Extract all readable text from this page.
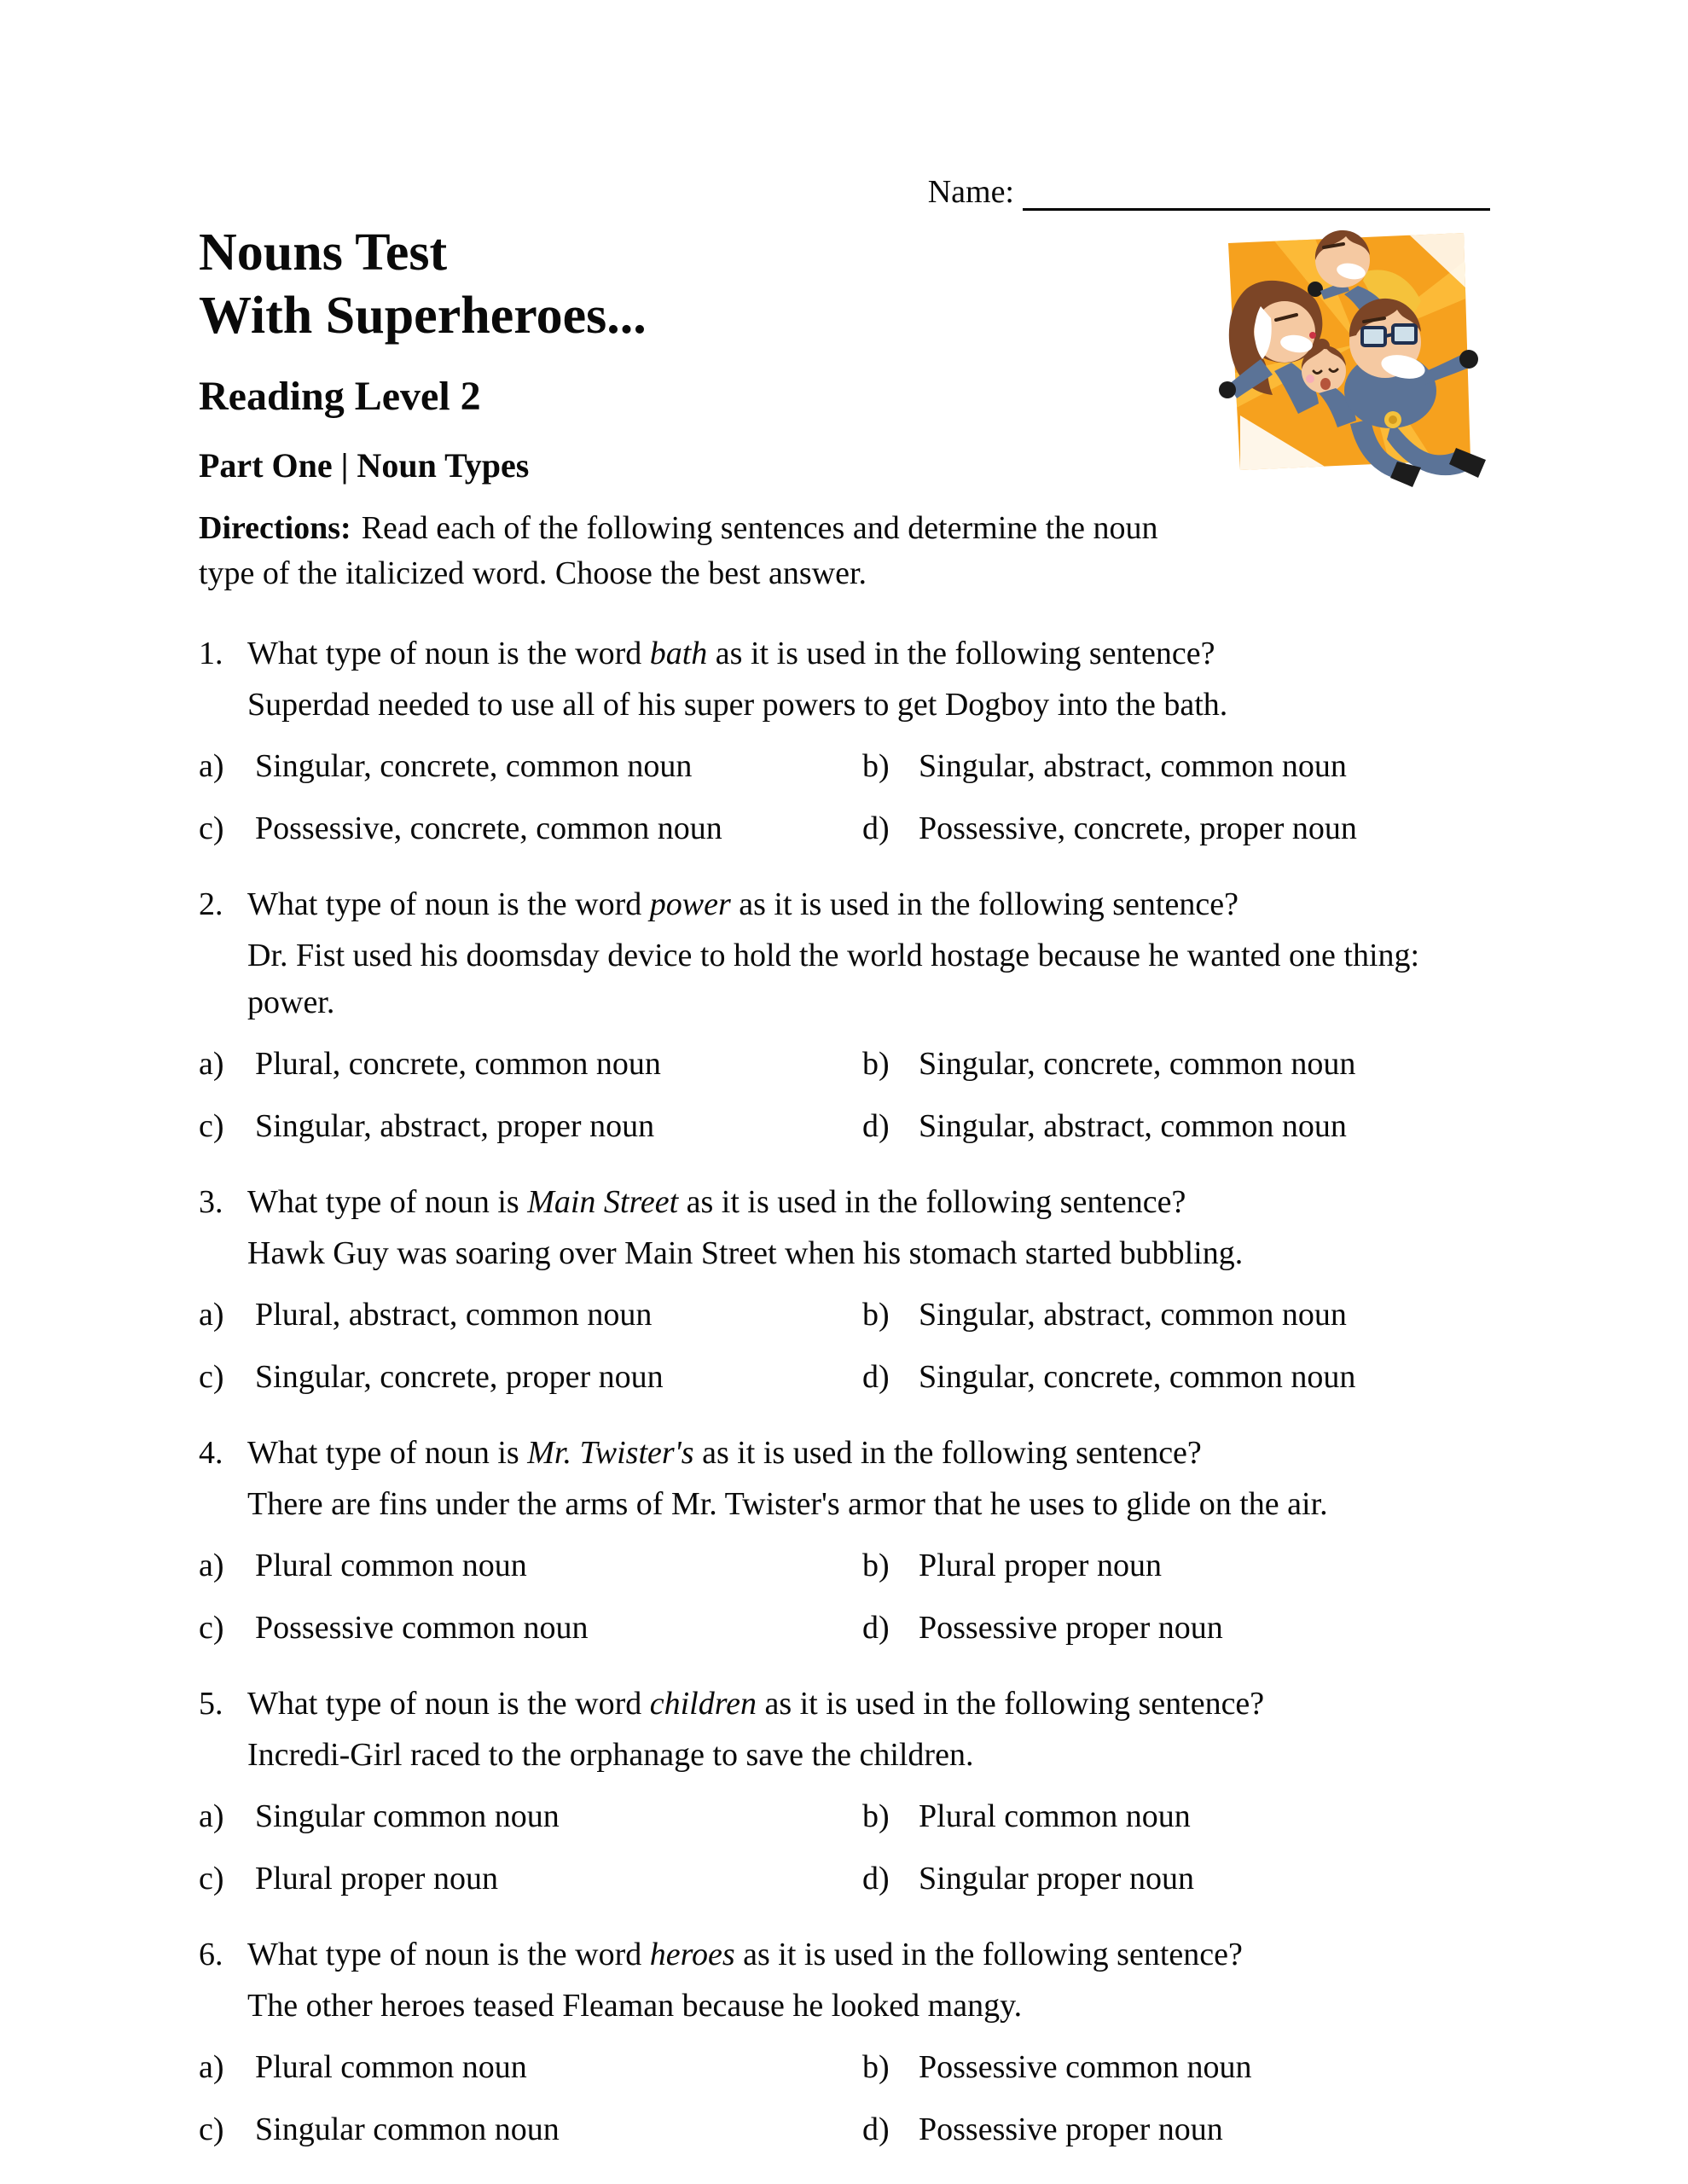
Name:
Nouns Test
With Superheroes...
Reading Level 2
Part One | Noun Types
Directions: Read each of the following sentences and determine the noun
type of the italicized word. Choose the best answer.
1. What type of noun is the word bath as it is used in the following sentence?
Superdad needed to use all of his super powers to get Dogboy into the bath.
a) Singular, concrete, common noun	b) Singular, abstract, common noun
c) Possessive, concrete, common noun	d) Possessive, concrete, proper noun
2. What type of noun is the word power as it is used in the following sentence?
Dr. Fist used his doomsday device to hold the world hostage because he wanted one thing:
power.
a) Plural, concrete, common noun	b) Singular, concrete, common noun
c) Singular, abstract, proper noun	d) Singular, abstract, common noun
3. What type of noun is Main Street as it is used in the following sentence?
Hawk Guy was soaring over Main Street when his stomach started bubbling.
a) Plural, abstract, common noun	b) Singular, abstract, common noun
c) Singular, concrete, proper noun	d) Singular, concrete, common noun
4. What type of noun is Mr. Twister's as it is used in the following sentence?
There are fins under the arms of Mr. Twister's armor that he uses to glide on the air.
a) Plural common noun	b) Plural proper noun
c) Possessive common noun	d) Possessive proper noun
5. What type of noun is the word children as it is used in the following sentence?
Incredi-Girl raced to the orphanage to save the children.
a) Singular common noun	b) Plural common noun
c) Plural proper noun	d) Singular proper noun
6. What type of noun is the word heroes as it is used in the following sentence?
The other heroes teased Fleaman because he looked mangy.
a) Plural common noun	b) Possessive common noun
c) Singular common noun	d) Possessive proper noun
